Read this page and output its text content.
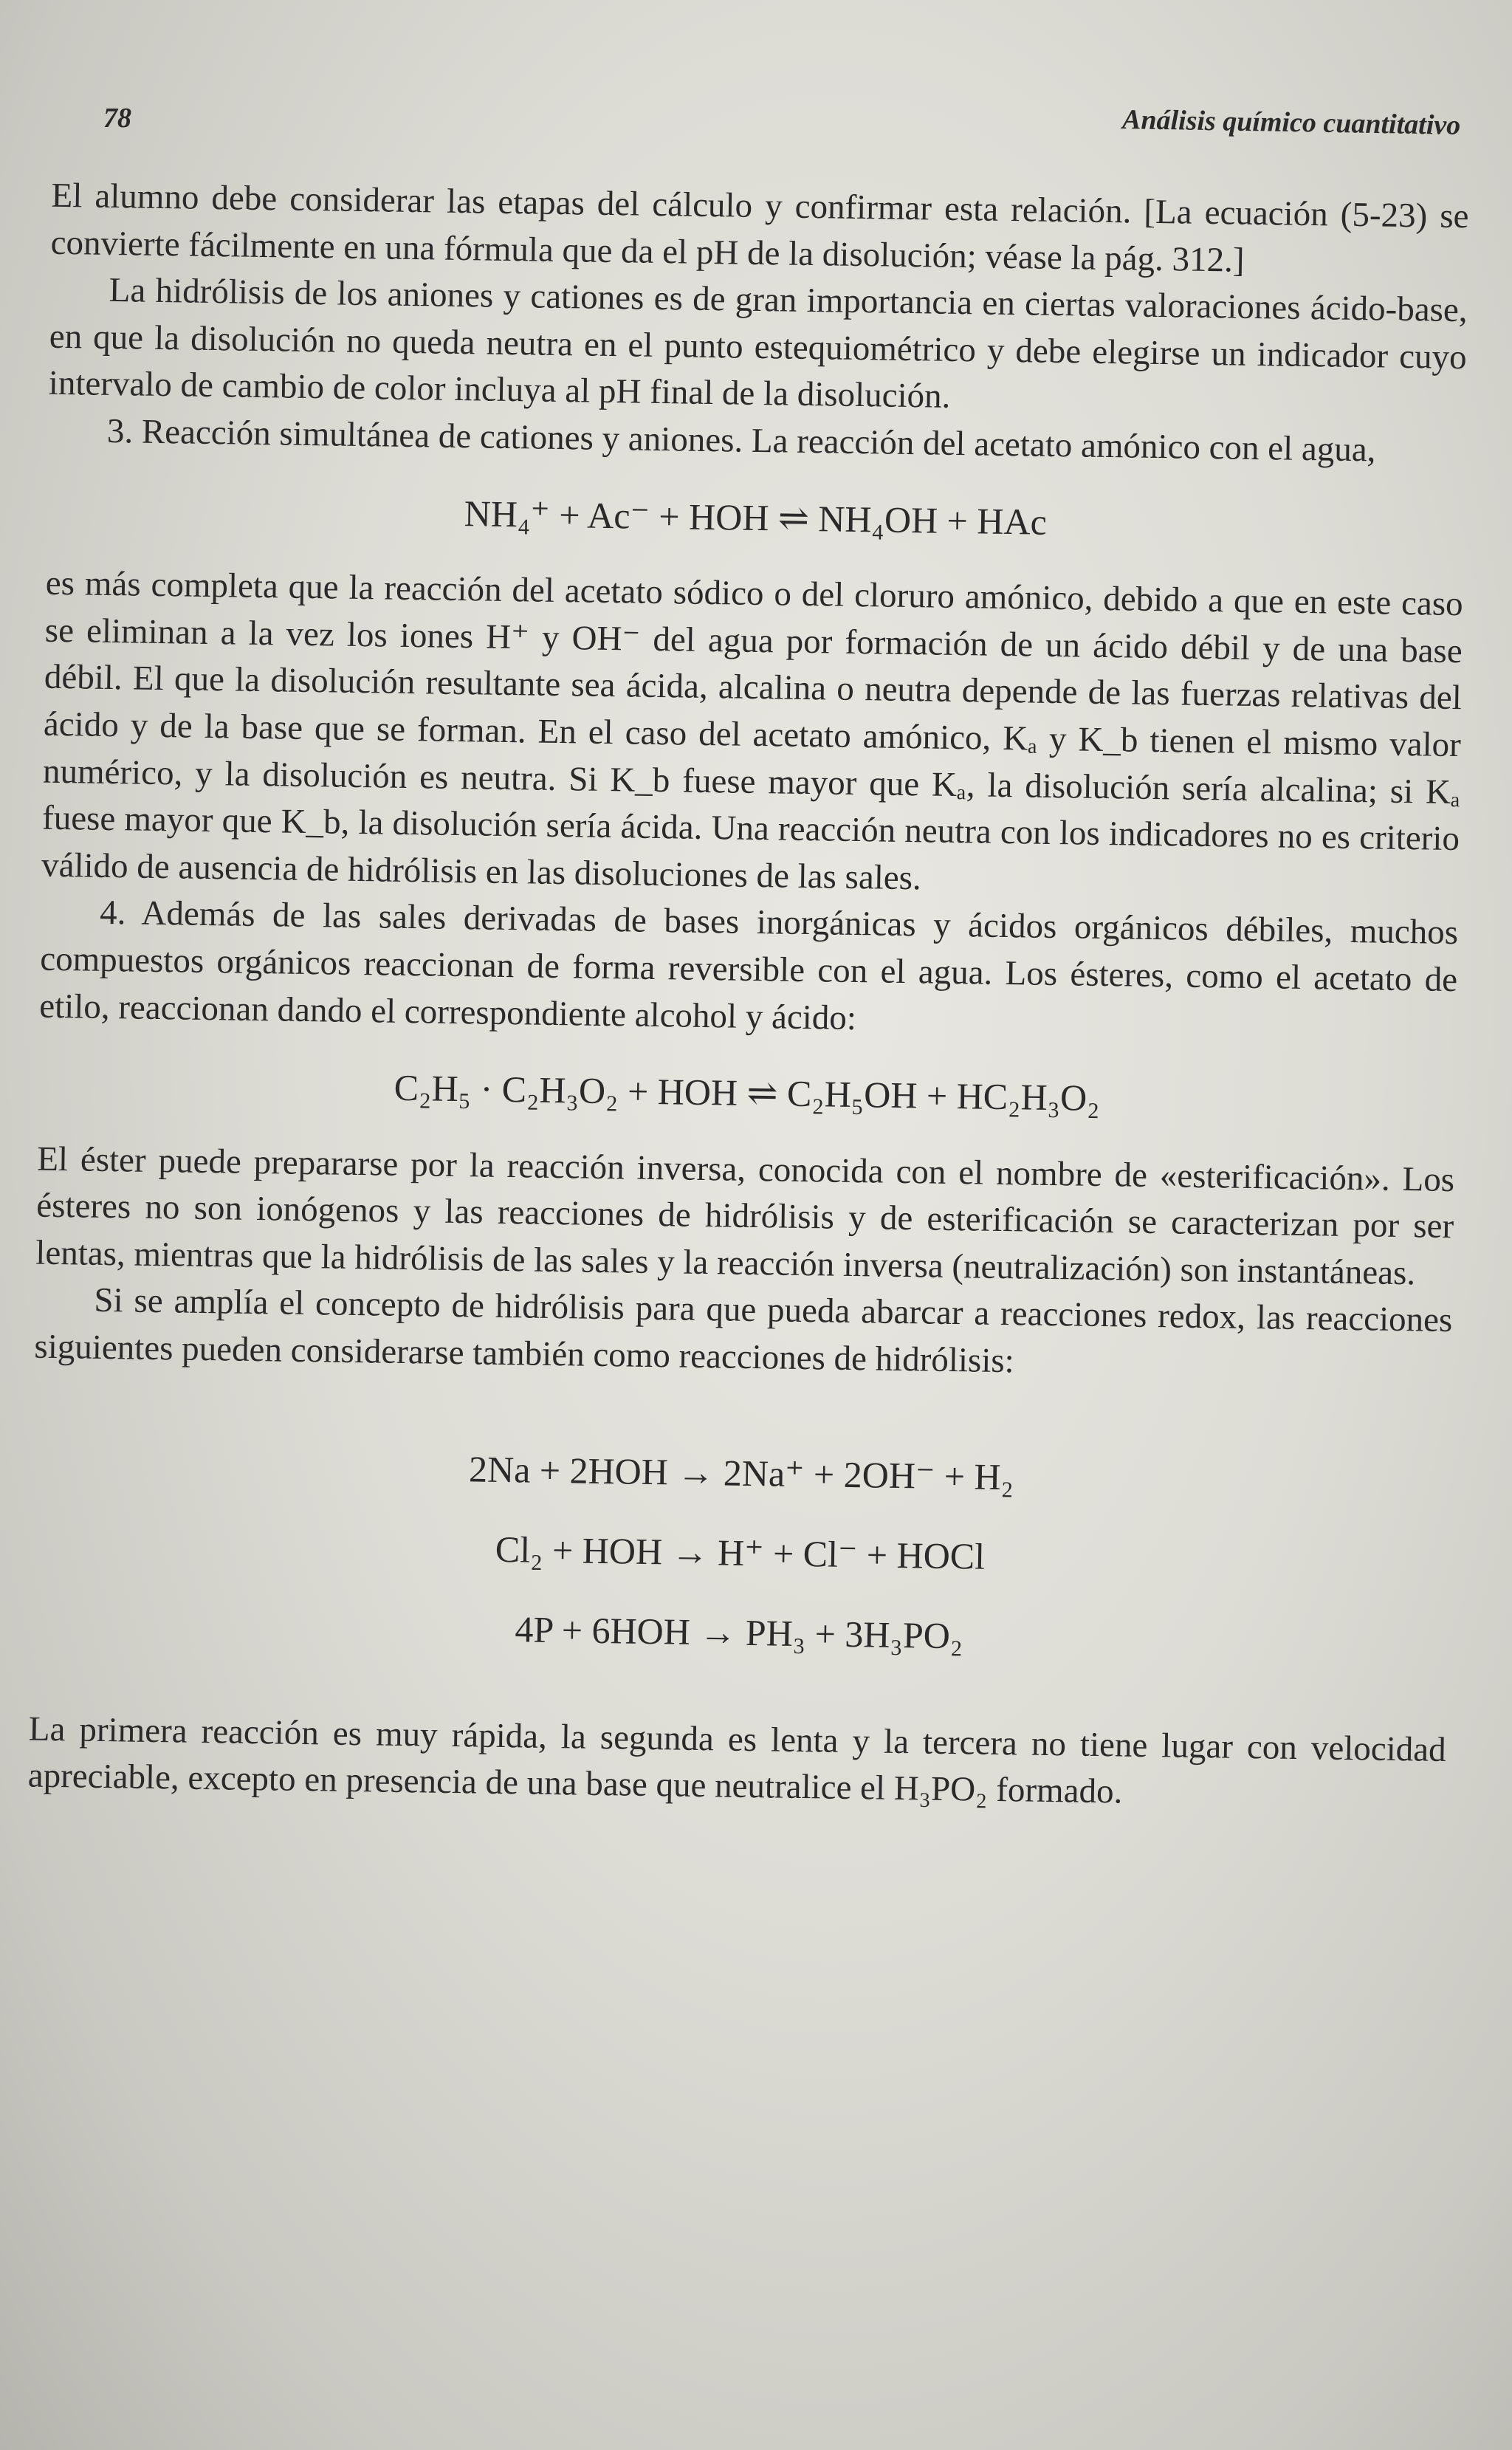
78	Análisis químico cuantitativo

El alumno debe considerar las etapas del cálculo y confirmar esta relación. [La ecuación (5-23) se convierte fácilmente en una fórmula que da el pH de la disolución; véase la pág. 312.]

La hidrólisis de los aniones y cationes es de gran importancia en ciertas valoraciones ácido-base, en que la disolución no queda neutra en el punto estequiométrico y debe elegirse un indicador cuyo intervalo de cambio de color incluya al pH final de la disolución.

3. Reacción simultánea de cationes y aniones. La reacción del acetato amónico con el agua,

NH₄⁺ + Ac⁻ + HOH ⇌ NH₄OH + HAc

es más completa que la reacción del acetato sódico o del cloruro amónico, debido a que en este caso se eliminan a la vez los iones H⁺ y OH⁻ del agua por formación de un ácido débil y de una base débil. El que la disolución resultante sea ácida, alcalina o neutra depende de las fuerzas relativas del ácido y de la base que se forman. En el caso del acetato amónico, Kₐ y K_b tienen el mismo valor numérico, y la disolución es neutra. Si K_b fuese mayor que Kₐ, la disolución sería alcalina; si Kₐ fuese mayor que K_b, la disolución sería ácida. Una reacción neutra con los indicadores no es criterio válido de ausencia de hidrólisis en las disoluciones de las sales.

4. Además de las sales derivadas de bases inorgánicas y ácidos orgánicos débiles, muchos compuestos orgánicos reaccionan de forma reversible con el agua. Los ésteres, como el acetato de etilo, reaccionan dando el correspondiente alcohol y ácido:

C₂H₅ · C₂H₃O₂ + HOH ⇌ C₂H₅OH + HC₂H₃O₂

El éster puede prepararse por la reacción inversa, conocida con el nombre de «esterificación». Los ésteres no son ionógenos y las reacciones de hidrólisis y de esterificación se caracterizan por ser lentas, mientras que la hidrólisis de las sales y la reacción inversa (neutralización) son instantáneas.

Si se amplía el concepto de hidrólisis para que pueda abarcar a reacciones redox, las reacciones siguientes pueden considerarse también como reacciones de hidrólisis:

2Na + 2HOH → 2Na⁺ + 2OH⁻ + H₂
Cl₂ + HOH → H⁺ + Cl⁻ + HOCl
4P + 6HOH → PH₃ + 3H₃PO₂

La primera reacción es muy rápida, la segunda es lenta y la tercera no tiene lugar con velocidad apreciable, excepto en presencia de una base que neutralice el H₃PO₂ formado.
